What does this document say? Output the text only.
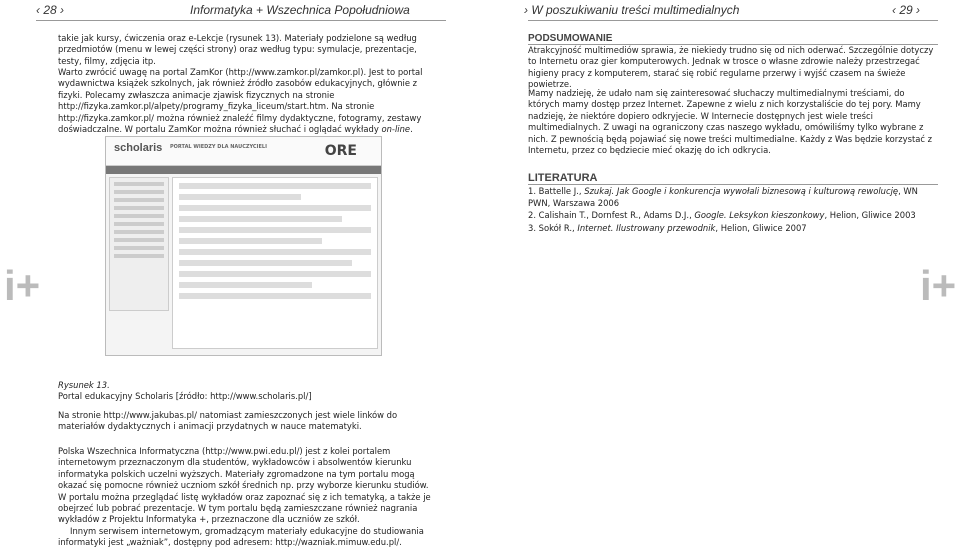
‹ 28 ›	Informatyka + Wszechnica Popołudniowa	› W poszukiwaniu treści multimedialnych	‹ 29 ›
i+	i+
takie jak kursy, ćwiczenia oraz e-Lekcje (rysunek 13). Materiały podzielone są według przedmiotów (menu w lewej części strony) oraz według typu: symulacje, prezentacje, testy, filmy, zdjęcia itp.
Warto zwrócić uwagę na portal ZamKor (http://www.zamkor.pl/zamkor.pl). Jest to portal wydawnictwa książek szkolnych, jak również źródło zasobów edukacyjnych, głównie z fizyki. Polecamy zwłaszcza animacje zjawisk fizycznych na stronie http://fizyka.zamkor.pl/alpety/programy_fizyka_liceum/start.htm. Na stronie http://fizyka.zamkor.pl/ można również znaleźć filmy dydaktyczne, fotogramy, zestawy doświadczalne. W portalu ZamKor można również słuchać i oglądać wykłady on-line.
scholaris PORTAL WIEDZY DLA NAUCZYCIELI	ORE
Rysunek 13.
Portal edukacyjny Scholaris [źródło: http://www.scholaris.pl/]
Na stronie http://www.jakubas.pl/ natomiast zamieszczonych jest wiele linków do materiałów dydaktycznych i animacji przydatnych w nauce matematyki.
Polska Wszechnica Informatyczna (http://www.pwi.edu.pl/) jest z kolei portalem internetowym przeznaczonym dla studentów, wykładowców i absolwentów kierunku informatyka polskich uczelni wyższych. Materiały zgromadzone na tym portalu mogą okazać się pomocne również uczniom szkół średnich np. przy wyborze kierunku studiów. W portalu można przeglądać listę wykładów oraz zapoznać się z ich tematyką, a także je obejrzeć lub pobrać prezentacje. W tym portalu będą zamieszczane również nagrania wykładów z Projektu Informatyka +, przeznaczone dla uczniów ze szkół.
Innym serwisem internetowym, gromadzącym materiały edukacyjne do studiowania informatyki jest „ważniak”, dostępny pod adresem: http://wazniak.mimuw.edu.pl/.
PODSUMOWANIE
Atrakcyjność multimediów sprawia, że niekiedy trudno się od nich oderwać. Szczególnie dotyczy to Internetu oraz gier komputerowych. Jednak w trosce o własne zdrowie należy przestrzegać higieny pracy z komputerem, starać się robić regularne przerwy i wyjść czasem na świeże powietrze.
Mamy nadzieję, że udało nam się zainteresować słuchaczy multimedialnymi treściami, do których mamy dostęp przez Internet. Zapewne z wielu z nich korzystaliście do tej pory. Mamy nadzieję, że niektóre dopiero odkryjecie. W Internecie dostępnych jest wiele treści multimedialnych. Z uwagi na ograniczony czas naszego wykładu, omówiliśmy tylko wybrane z nich. Z pewnością będą pojawiać się nowe treści multimedialne. Każdy z Was będzie korzystać z Internetu, przez co będziecie mieć okazję do ich odkrycia.
LITERATURA
1. Battelle J., Szukaj. Jak Google i konkurencja wywołali biznesową i kulturową rewolucję, WN PWN, Warszawa 2006
2. Calishain T., Dornfest R., Adams D.J., Google. Leksykon kieszonkowy, Helion, Gliwice 2003
3. Sokół R., Internet. Ilustrowany przewodnik, Helion, Gliwice 2007
